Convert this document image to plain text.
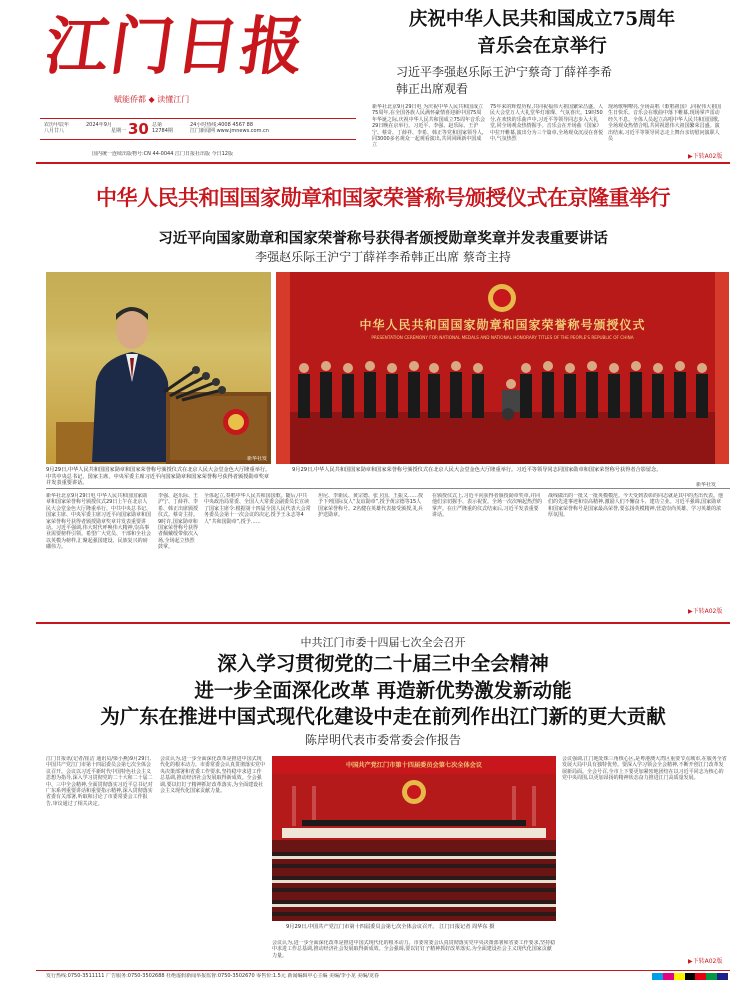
江门日报
赋能侨都 ◆ 读懂江门
农历甲辰年
八月廿八
2024年9月
星期一 30 总第
12784期
24小时热线:4008 4567 88
江门新闻网 www.jmnews.com.cn
国内统一连续出版物号:CN 44-0044 江门日报社出版 今日12版
庆祝中华人民共和国成立75周年
音乐会在京举行
习近平李强赵乐际王沪宁蔡奇丁薛祥李希
韩正出席观看
新华社北京9月29日电 为庆祝中华人民共和国成立75周年,在全国各族人民满怀豪情喜迎新中国75周年华诞之际,庆祝中华人民共和国成立75周年音乐会29日晚在京举行。习近平、李强、赵乐际、王沪宁、蔡奇、丁薛祥、李希、韩正等党和国家领导人,同3000多名观众一起观看演出,共同回顾新中国成立
75年来的辉煌历程,共同祝福伟大祖国繁荣昌盛。人民大会堂万人大礼堂华灯璀璨、气氛喜庆。19时50分,在欢快的乐曲声中,习近平等领导同志步入大礼堂,同全场观众热情握手。音乐会在开场曲《国家》中拉开帷幕,演出分为三个篇章,全场观众沉浸在喜悦中,气氛热烈
现场歌响嘹亮,全场高唱《歌唱祖国》,同祝伟大祖国生日快乐。音乐会在歌曲中落下帷幕,现场掌声雷动经久不息。全体人员起立高唱中华人民共和国国歌,全场观众热情合唱,共同祝愿伟大祖国繁荣昌盛。演出结束,习近平等领导同志走上舞台亲切慰问演职人员
▶下转A02版
中华人民共和国国家勋章和国家荣誉称号颁授仪式在京隆重举行
习近平向国家勋章和国家荣誉称号获得者颁授勋章奖章并发表重要讲话
李强赵乐际王沪宁丁薛祥李希韩正出席 蔡奇主持
新华社发
中华人民共和国国家勋章和国家荣誉称号颁授仪式
PRESENTATION CEREMONY FOR NATIONAL MEDALS AND NATIONAL HONORARY TITLES OF THE PEOPLE'S REPUBLIC OF CHINA
9月29日,中华人民共和国国家勋章和国家荣誉称号颁授仪式在北京人民大会堂金色大厅隆重举行。中共中央总书记、国家主席、中央军委主席习近平向国家勋章和国家荣誉称号获得者颁授勋章奖章并发表重要讲话。
9月29日,中华人民共和国国家勋章和国家荣誉称号颁授仪式在北京人民大会堂金色大厅隆重举行。习近平等领导同志同国家勋章和国家荣誉称号获得者合影留念。
新华社发
新华社北京9月29日电 中华人民共和国国家勋章和国家荣誉称号颁授仪式29日上午在北京人民大会堂金色大厅隆重举行。中共中央总书记、国家主席、中央军委主席习近平向国家勋章和国家荣誉称号获得者颁授勋章奖章并发表重要讲话。习近平强调,伟大时代呼唤伟大精神,崇高事业需要榜样引领。希望广大党员、干部和全社会以英模为榜样,汇聚起强国建设、民族复兴的磅礴伟力。
李强、赵乐际、王沪宁、丁薛祥、李希、韩正出席颁授仪式。蔡奇主持。9时许,国家勋章和国家荣誉称号获得者佩戴绶带依次入场,全场起立热烈鼓掌。
全体起立,奏唱中华人民共和国国歌。随后,中共中央政治局常委、全国人大常委会副委员长宣读了国家主席令:根据第十四届全国人民代表大会常务委员会第十一次会议的决定,授予王永志等4人“共和国勋章”,授予……
坦尼、李新民、黄宗德、张卫国、王振义……授予下列国际友人“友谊勋章”,授予黄宗德等15人国家荣誉称号。2名健在英雄代表接受颁授,礼兵护送勋章。
在颁授仪式上,习近平向获得者颁授勋章奖章,并同他们亲切握手、表示祝贺。全场一次次响起热烈的掌声。在庄严隆重的仪式结束后,习近平发表重要讲话。
战线做出的一批又一批英模模范。今天受到表彰的同志就是其中的杰出代表。他们的先进事迹和崇高精神,激励人们不懈奋斗、建功立业。习近平强调,国家勋章和国家荣誉称号是国家最高荣誉,要弘扬英模精神,营造崇尚英雄、学习英雄的浓厚氛围。
▶下转A02版
中共江门市委十四届七次全会召开
深入学习贯彻党的二十届三中全会精神
进一步全面深化改革 再造新优势激发新动能
为广东在推进中国式现代化建设中走在前列作出江门新的更大贡献
陈岸明代表市委常委会作报告
中国共产党江门市第十四届委员会第七次全体会议
9月29日,中国共产党江门市第十四届委员会第七次全体会议召开。 江门日报记者 周华东 摄
江门日报讯(记者/崔洁 通讯员/梁小燕)9月29日,中国共产党江门市第十四届委员会第七次全体会议召开。会议以习近平新时代中国特色社会主义思想为指导,深入学习贯彻党的二十大和二十届二中、三中全会精神,全面贯彻落实习近平总书记对广东系列重要讲话和重要指示精神,深入贯彻落实省委有关部署,听取和讨论了市委常委会工作报告,审议通过了相关决定。
会议认为,进一步全面深化改革是推进中国式现代化的根本动力。市委常委会认真贯彻落实党中央决策部署和省委工作要求,坚持稳中求进工作总基调,推动经济社会发展取得新成效。全会强调,要以钉钉子精神抓好改革落实,为全面建设社会主义现代化国家贡献力量。
会议强调,江门地处珠三角核心区,是粤港澳大湾区重要节点城市,在服务全省发展大局中具有独特优势。要深入学习领会全会精神,不断开创江门改革发展新局面。全会号召,全市上下要更加紧密地团结在以习近平同志为核心的党中央周围,以更加昂扬的精神状态奋力推进江门高质量发展。
会议认为,进一步全面深化改革是推进中国式现代化的根本动力。市委常委会认真贯彻落实党中央决策部署和省委工作要求,坚持稳中求进工作总基调,推动经济社会发展取得新成效。全会强调,要以钉钉子精神抓好改革落实,为全面建设社会主义现代化国家贡献力量。
▶下转A02版
发行热线:0750-3511111 广告服务:0750-3502688 杜绝虚假新闻举报监督:0750-3502670 零售价:1.5元 新闻编辑中心主编 美编/李小龙 美编/龙春
